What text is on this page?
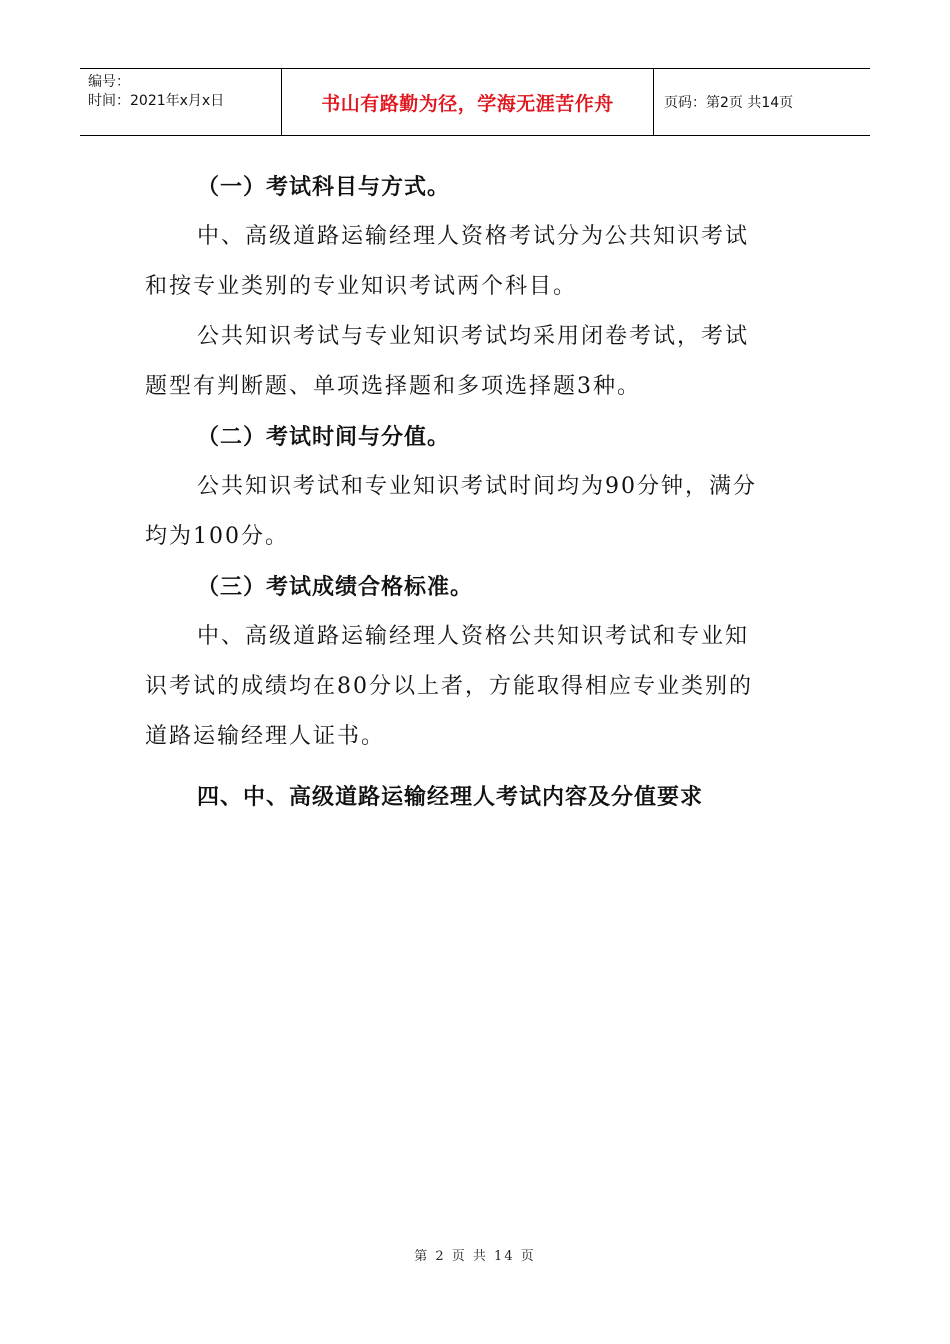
编号：
时间：2021年x月x日	书山有路勤为径，学海无涯苦作舟	页码：第2页 共14页
（一）考试科目与方式。
中、高级道路运输经理人资格考试分为公共知识考试
和按专业类别的专业知识考试两个科目。
公共知识考试与专业知识考试均采用闭卷考试，考试
题型有判断题、单项选择题和多项选择题3种。
（二）考试时间与分值。
公共知识考试和专业知识考试时间均为90分钟，满分
均为100分。
（三）考试成绩合格标准。
中、高级道路运输经理人资格公共知识考试和专业知
识考试的成绩均在80分以上者，方能取得相应专业类别的
道路运输经理人证书。
四、中、高级道路运输经理人考试内容及分值要求
第 2 页 共 14 页
